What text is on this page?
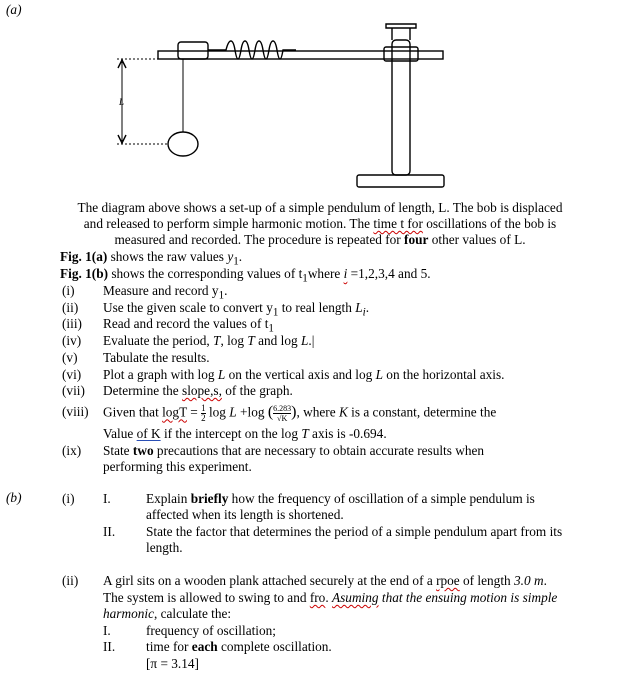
(a)
(b)
L
The diagram above shows a set-up of a simple pendulum of length, L. The bob is displaced
and released to perform simple harmonic motion. The time t for oscillations of the bob is
measured and recorded. The procedure is repeated for four other values of L.
Fig. 1(a) shows the raw values $y_1$.
Fig. 1(b) shows the corresponding values of $t_1where$ i =1,2,3,4 and 5.
(i) Measure and record $y_1$.
(ii) Use the given scale to convert $y_1$ to real length $L_i$.
(iii) Read and record the values of $t_1$
(iv) Evaluate the period, T, log T and log L.|
(v) Tabulate the results.
(vi) Plot a graph with log L on the vertical axis and log L on the horizontal axis.
(vii) Determine the slope,s, of the graph.
(viii) Given that $\log T = \frac{1}{2}$ log L +log ( $\frac{6.283}{√K}$ ), where K is a constant, determine the
Value of K if the intercept on the log T axis is -0.694.
(ix) State two precautions that are necessary to obtain accurate results when
performing this experiment.
(i) I.	Explain briefly how the frequency of oscillation of a simple pendulum is
affected when its length is shortened.
II. State the factor that determines the period of a simple pendulum apart from its
length.
(ii) A girl sits on a wooden plank attached securely at the end of a rpoe of length 3.0 m.
The system is allowed to swing to and fro. Asuming that the ensuing motion is simple
harmonic, calculate the:
I.	frequency of oscillation;
II. time for each complete oscillation.
[π = 3.14]
